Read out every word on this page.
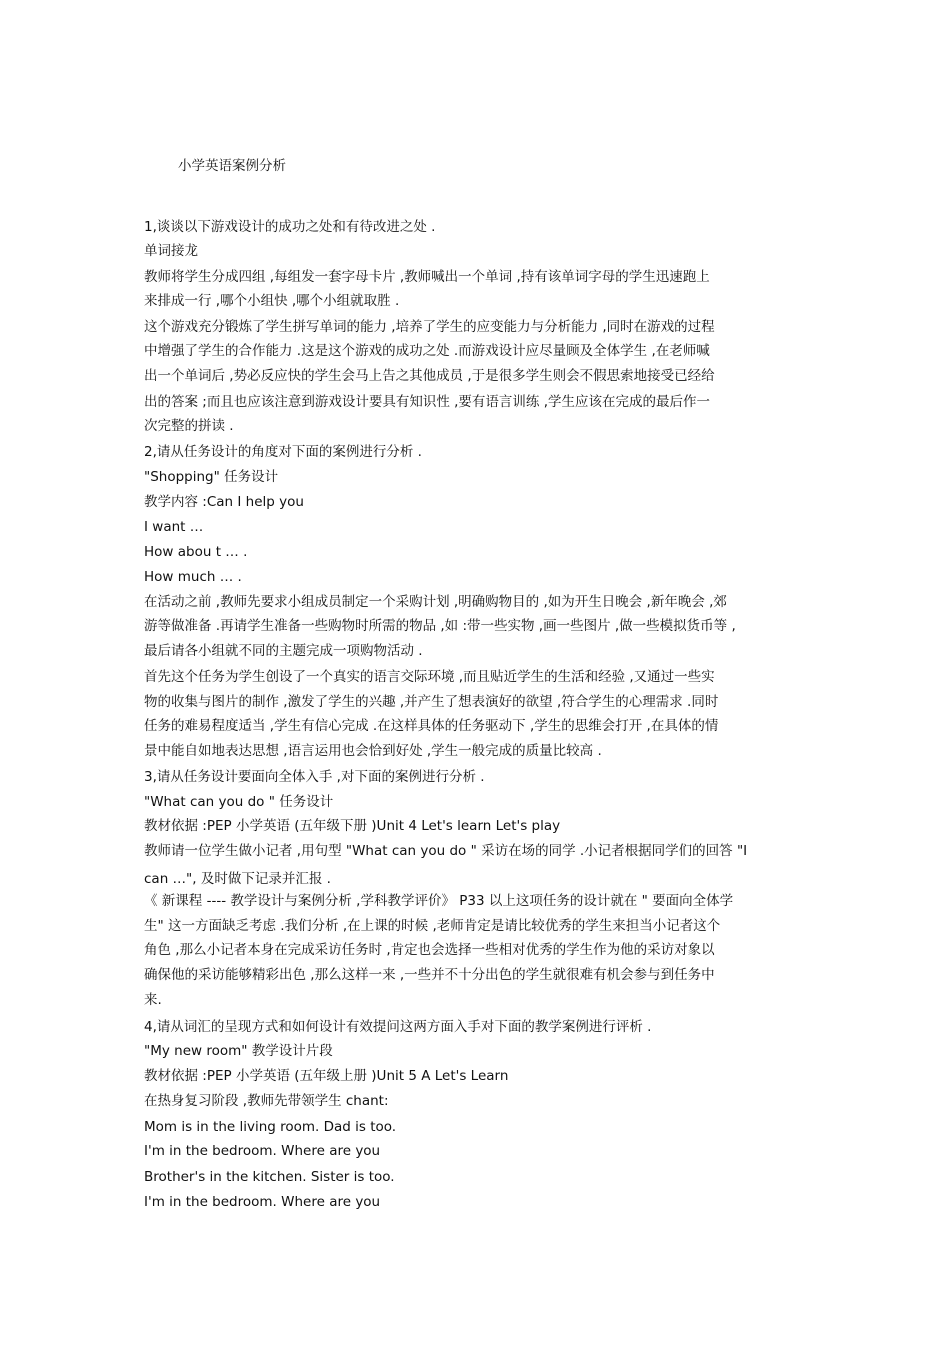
小学英语案例分析
1,谈谈以下游戏设计的成功之处和有待改进之处 .
单词接龙
教师将学生分成四组 ,每组发一套字母卡片 ,教师喊出一个单词 ,持有该单词字母的学生迅速跑上
来排成一行 ,哪个小组快 ,哪个小组就取胜 .
这个游戏充分锻炼了学生拼写单词的能力 ,培养了学生的应变能力与分析能力 ,同时在游戏的过程
中增强了学生的合作能力 .这是这个游戏的成功之处 .而游戏设计应尽量顾及全体学生 ,在老师喊
出一个单词后 ,势必反应快的学生会马上告之其他成员 ,于是很多学生则会不假思索地接受已经给
出的答案 ;而且也应该注意到游戏设计要具有知识性 ,要有语言训练 ,学生应该在完成的最后作一
次完整的拼读 .
2,请从任务设计的角度对下面的案例进行分析 .
"Shopping" 任务设计
教学内容 :Can I help you
I want …
How abou t … .
How much … .
在活动之前 ,教师先要求小组成员制定一个采购计划 ,明确购物目的 ,如为开生日晚会 ,新年晚会 ,郊
游等做准备 .再请学生准备一些购物时所需的物品 ,如 :带一些实物 ,画一些图片 ,做一些模拟货币等 ,
最后请各小组就不同的主题完成一项购物活动 .
首先这个任务为学生创设了一个真实的语言交际环境 ,而且贴近学生的生活和经验 ,又通过一些实
物的收集与图片的制作 ,激发了学生的兴趣 ,并产生了想表演好的欲望 ,符合学生的心理需求 .同时
任务的难易程度适当 ,学生有信心完成 .在这样具体的任务驱动下 ,学生的思维会打开 ,在具体的情
景中能自如地表达思想 ,语言运用也会恰到好处 ,学生一般完成的质量比较高 .
3,请从任务设计要面向全体入手 ,对下面的案例进行分析 .
"What can you do " 任务设计
教材依据 :PEP 小学英语 (五年级下册 )Unit 4 Let's learn Let's play
教师请一位学生做小记者 ,用句型 "What can you do " 采访在场的同学 .小记者根据同学们的回答 "I
can …", 及时做下记录并汇报 .
《 新课程 ---- 教学设计与案例分析 ,学科教学评价》 P33 以上这项任务的设计就在 " 要面向全体学
生" 这一方面缺乏考虑 .我们分析 ,在上课的时候 ,老师肯定是请比较优秀的学生来担当小记者这个
角色 ,那么小记者本身在完成采访任务时 ,肯定也会选择一些相对优秀的学生作为他的采访对象以
确保他的采访能够精彩出色 ,那么这样一来 ,一些并不十分出色的学生就很难有机会参与到任务中
来.
4,请从词汇的呈现方式和如何设计有效提问这两方面入手对下面的教学案例进行评析 .
"My new room" 教学设计片段
教材依据 :PEP 小学英语 (五年级上册 )Unit 5 A Let's Learn
在热身复习阶段 ,教师先带领学生 chant:
Mom is in the living room. Dad is too.
I'm in the bedroom. Where are you
Brother's in the kitchen. Sister is too.
I'm in the bedroom. Where are you
